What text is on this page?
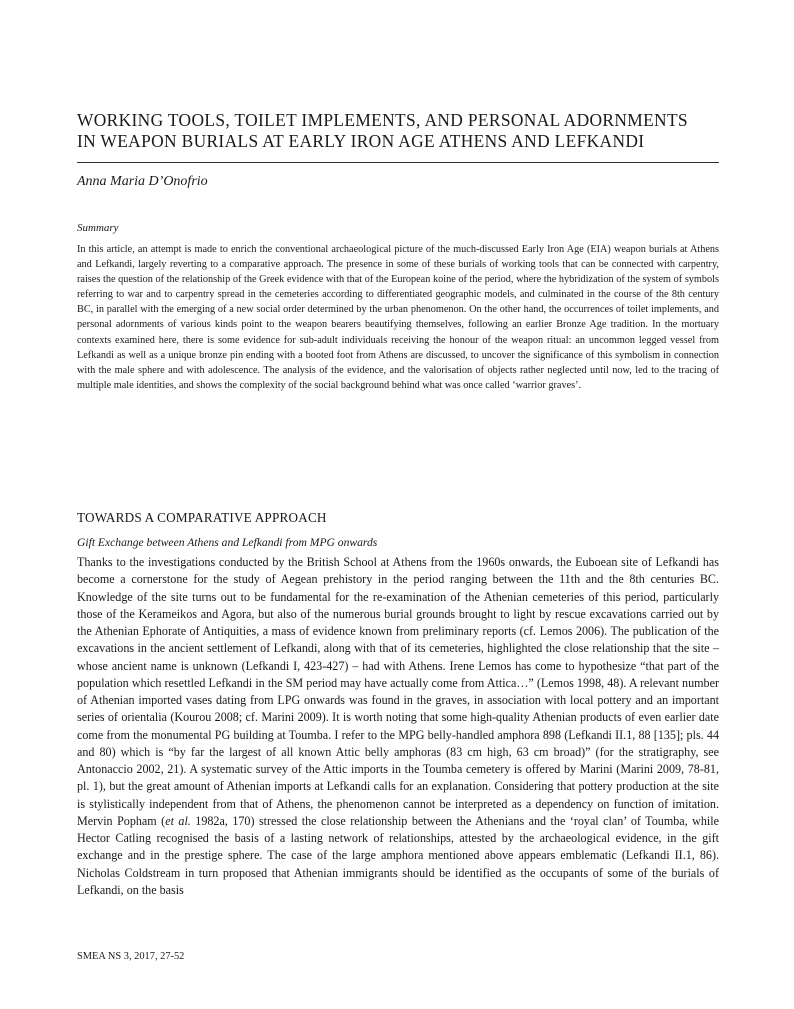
WORKING TOOLS, TOILET IMPLEMENTS, AND PERSONAL ADORNMENTS
IN WEAPON BURIALS AT EARLY IRON AGE ATHENS AND LEFKANDI
Anna Maria D’Onofrio
Summary

In this article, an attempt is made to enrich the conventional archaeological picture of the much-discussed Early Iron Age (EIA) weapon burials at Athens and Lefkandi, largely reverting to a comparative approach. The presence in some of these burials of working tools that can be connected with carpentry, raises the question of the relationship of the Greek evidence with that of the European koine of the period, where the hybridization of the system of symbols referring to war and to carpentry spread in the cemeteries according to differentiated geographic models, and culminated in the course of the 8th century BC, in parallel with the emerging of a new social order determined by the urban phenomenon. On the other hand, the occurrences of toilet implements, and personal adornments of various kinds point to the weapon bearers beautifying themselves, following an earlier Bronze Age tradition. In the mortuary contexts examined here, there is some evidence for sub-adult individuals receiving the honour of the weapon ritual: an uncommon legged vessel from Lefkandi as well as a unique bronze pin ending with a booted foot from Athens are discussed, to uncover the significance of this symbolism in connection with the male sphere and with adolescence. The analysis of the evidence, and the valorisation of objects rather neglected until now, led to the tracing of multiple male identities, and shows the complexity of the social background behind what was once called ‘warrior graves’.

TOWARDS A COMPARATIVE APPROACH
Gift Exchange between Athens and Lefkandi from MPG onwards

Thanks to the investigations conducted by the British School at Athens from the 1960s onwards, the Euboean site of Lefkandi has become a cornerstone for the study of Aegean prehistory in the period ranging between the 11th and the 8th centuries BC. Knowledge of the site turns out to be fundamental for the re-examination of the Athenian cemeteries of this period, particularly those of the Kerameikos and Agora, but also of the numerous burial grounds brought to light by rescue excavations carried out by the Athenian Ephorate of Antiquities, a mass of evidence known from preliminary reports (cf. Lemos 2006). The publication of the excavations in the ancient settlement of Lefkandi, along with that of its cemeteries, highlighted the close relationship that the site – whose ancient name is unknown (Lefkandi I, 423-427) – had with Athens. Irene Lemos has come to hypothesize “that part of the population which resettled Lefkandi in the SM period may have actually come from Attica…” (Lemos 1998, 48). A relevant number of Athenian imported vases dating from LPG onwards was found in the graves, in association with local pottery and an important series of orientalia (Kourou 2008; cf. Marini 2009). It is worth noting that some high-quality Athenian products of even earlier date come from the monumental PG building at Toumba. I refer to the MPG belly-handled amphora 898 (Lefkandi II.1, 88 [135]; pls. 44 and 80) which is “by far the largest of all known Attic belly amphoras (83 cm high, 63 cm broad)” (for the stratigraphy, see Antonaccio 2002, 21). A systematic survey of the Attic imports in the Toumba cemetery is offered by Marini (Marini 2009, 78-81, pl. 1), but the great amount of Athenian imports at Lefkandi calls for an explanation. Considering that pottery production at the site is stylistically independent from that of Athens, the phenomenon cannot be interpreted as a dependency on function of imitation. Mervin Popham (et al. 1982a, 170) stressed the close relationship between the Athenians and the ‘royal clan’ of Toumba, while Hector Catling recognised the basis of a lasting network of relationships, attested by the archaeological evidence, in the gift exchange and in the prestige sphere. The case of the large amphora mentioned above appears emblematic (Lefkandi II.1, 86). Nicholas Coldstream in turn proposed that Athenian immigrants should be identified as the occupants of some of the burials of Lefkandi, on the basis

SMEA NS 3, 2017, 27-52
